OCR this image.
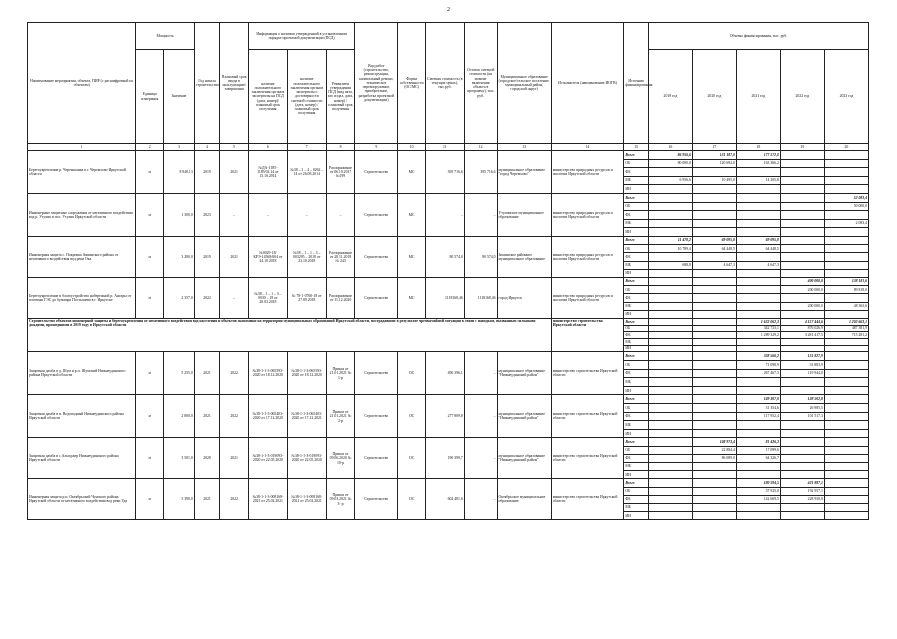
2
Наименование мероприятия, объекта, ПИР (с расшифровкой по объектам)	Мощность		Год начала строительства	Плановый срок ввода в эксплуатацию/завершения	Информация о наличии утвержденной в установленном порядке проектной документации (ПСД)			Вид работ (строительство, реконструкция, капитальный ремонт, техническое перевооружение, приобретение, разработка проектной документации)	Форма собственности (ОС/МС)	Сметная стоимость (в текущих ценах), тыс.руб.	Остаток сметной стоимости (на момент включения объекта в программу), тыс. руб.	Муниципальное образование (городское/сельское поселение, муниципальный район, городской округ)	Исполнитель (наименование ИОГВ)	Источник финансирования	Объемы финансирования, тыс. руб.				
	Единица измерения	Значение			наличие положительного заключения органов экспертизы на ПСД (дата, номер)/плановый срок получения	наличие положительного заключения органов экспертизы о достоверности сметной стоимости (дата, номер) / плановый срок получения	Реквизиты утверждения ПСД (вид акта, кто издал, дата, номер) / плановый срок получения								2019 год	2020 год	2021 год	2022 год	2023 год
1	2	3	4	5	6	7	8	9	10	11	12	13	14	15	16	17	18	19	20
Берегоукрепление р. Черемшанка в г. Черемхово Иркутской области	м	8 948,13	2019	2021	№ДА-1185-1185/02.14 от 15.10.2014	№38 – 1 – 4 – 0262 – 14 от 26.08.2014	Распоряжение от 06.10.2017 №199	Строительство	МС	395 716,6	395 716,6	муниципальное образование "город Черемхово"	министерство природных ресурсов и экологии Иркутской области	Всего	86 956,6	131 187,0	177 572,0		
														ОБ	80 000,0	120 692,0	163 366,2		
														ФБ					
														МБ	6 956,6	10 495,0	14 205,8		
														ИИ					
Инженерные защитные сооружения от негативного воздействия вод р. Утулик в пос. Утулик Иркутской области	м	1 300,0	2023	–	–	–	–	Строительство	МС	–	–	Утулинское муниципальное образование	министерство природных ресурсов и экологии Иркутской области	Всего					52 083,4
														ОБ					50 000,0
														ФБ					
														МБ					2 083,4
														ИИ					
Инженерная защита с. Покровка Зиминского района от негативного воздействия вод реки Ока	м	3 280,0	2019	2021	№0029-18/КРЭ-14568/604 от 24.10.2018	№38 – 1 – 1 – 3 – 003295 – 2018 от 23.10.2018	Распоряжение от 28.11.2018 № 243	Строительство	МС	80 574,0	80 574,0	Зиминское районное муниципальное образование	министерство природных ресурсов и экологии Иркутской области	Всего	11 478,2	69 095,8	69 095,8		
														ОБ	10 789,4	64 448,5	64 448,5		
														ФБ					
														МБ	688,8	4 647,3	4 647,3		
														ИИ					
Берегоукрепление и благоустройство набережной р. Ангары от плотины ГЭС до бульвара Постышева в г. Иркутске	м	2 357,0	2022	–	№38 – 1 – 1 – 3 – 0030 – 18 от 28.03.2018	№ 78-1-0760-18 от 27.09.2018	Распоряжение от 11.12.2020	Строительство	МС	1118168,46	1118168,46	город Иркутск	министерство природных ресурсов и экологии Иркутской области	Всего				400 000,0	138 181,6
														ОБ				200 000,0	89 818,0
														ФБ					
														МБ				200 000,0	48 363,6
														ИИ					
Строительство объектов инженерной защиты и берегоукрепления от негативного воздействия вод населения и объектов экономики на территории муниципальных образований Иркутской области, пострадавших в результате чрезвычайной ситуации в связи с паводком, вызванным сильными дождями, прошедшими в 2019 году в Иркутской области													министерство строительства Иркутской области	Всего			1 632 062,3	4 157 444,6	1 202 663,1
														ОБ			342 733,1	876 026,9	487 381,9
														ФБ			1 289 329,2	3 281 417,5	715 281,2
														МБ					
														ИИ					
Защитная дамба в д. Шум и р.п. Шумский Нижнеудинского района Иркутской области	м	5 255,0	2021	2022	№38-1-1-3-065593-2020 от 18.12.2020	№38-1-1-3-065593-2020 от 18.12.2020	Приказ от 21.01.2021 № 1-р	Строительство	ОС	490 396,1	–	муниципальное образование "Нижнеудинский район"	министерство строительства Иркутской области	Всего			338 566,2	151 827,9	
														ОБ			71 098,9	31 883,9	
														ФБ			267 467,3	119 944,0	
														МБ					
														ИИ					
Защитная дамба в п. Водопадный Нижнеудинского района Иркутской области	м	2 800,0	2021	2022	№38-1-1-3-065403-2020 от 17.12.2020	№38-1-1-3-065403-2020 от 17.12.2021	Приказ от 21.01.2021 № 2-р	Строительство	ОС	277 809,8	–	муниципальное образование "Нижнеудинский район"	министерство строительства Иркутской области	Всего			149 307,0	128 502,8	
														ОБ			31 354,6	26 985,5	
														ФБ			117 952,4	101 517,3	
														МБ					
														ИИ					
Защитная дамба в с.Алыгджер Нижнеудинского района Иркутской области	м	3 501,0	2020	2021	№38-1-1-3-019093-2020 от 22.05.2020	№38-1-1-3-019093-2020 от 22.05.2020	Приказ от 09.06.2020 № 10-р	Строительство	ОС	190 399,7	–	муниципальное образование "Нижнеудинский район"	министерство строительства Иркутской области	Всего		108 973,4	81 426,3		
														ОБ		22 884,4	17 099,6		
														ФБ		86 089,0	64 326,7		
														МБ					
														ИИ					
Инженерная защита р.п. Октябрьский Чунского района Иркутской области от негативного воздействия вод реки Уда	м	5 390,0	2021	2022	№38-1-1-3-008168-2021 от 25.02.2021	№38-1-1-3-008168-2021 от 25.02.2021	Приказ от 09.03.2021 № 3- р	Строительство	ОС	602 481,6	–	Октябрьское муниципальное образование	министерство строительства Иркутской области	Всего			180 594,5	421 887,1	
														ОБ			37 925,0	192 957,1	
														ФБ			142 669,5	228 930,0	
														МБ					
														ИИ					
